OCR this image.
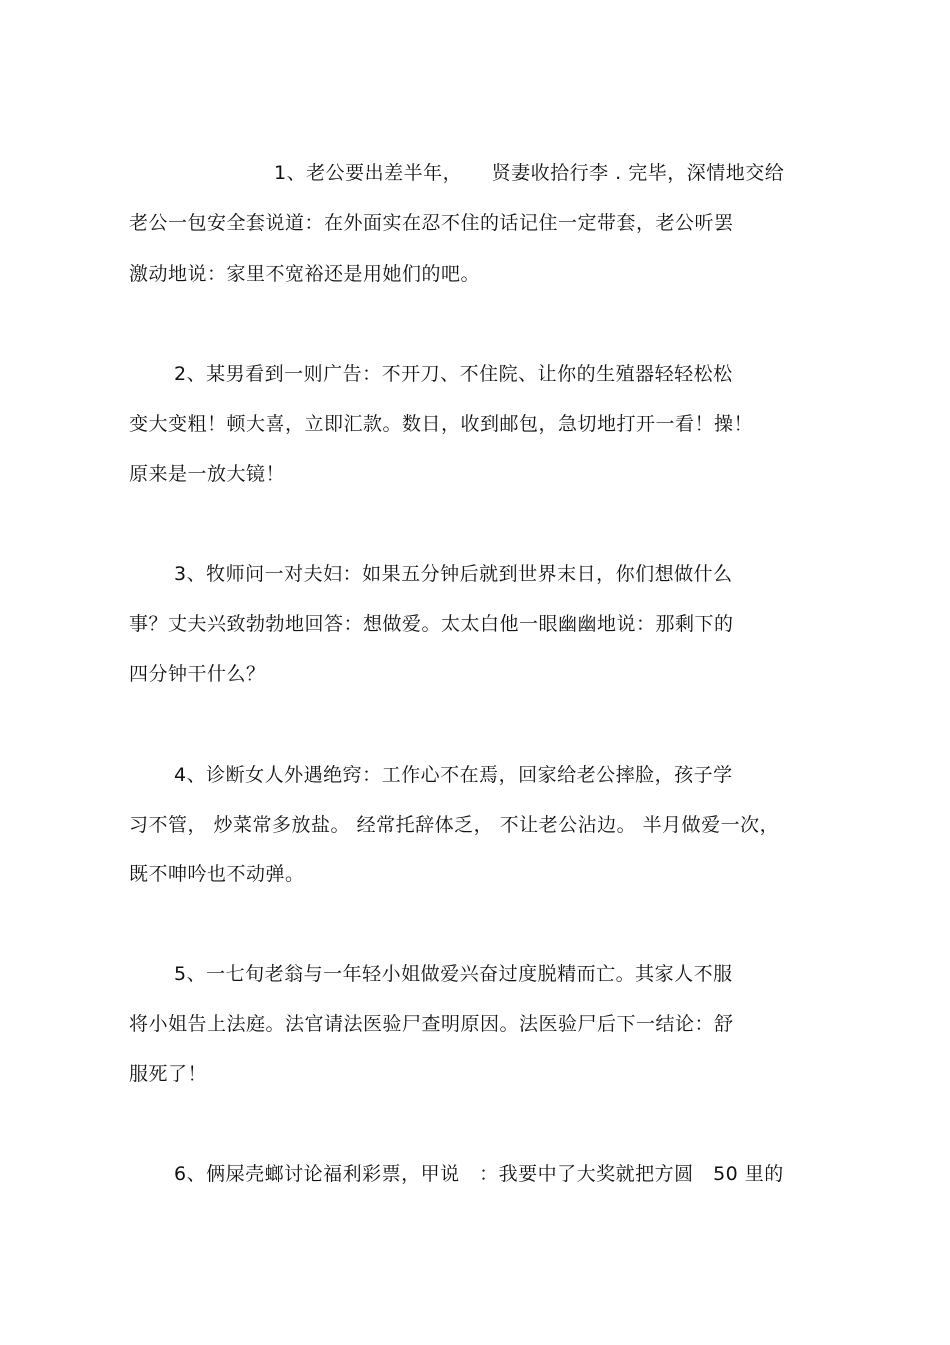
1、老公要出差半年，　　贤妻收拾行李 . 完毕，深情地交给
老公一包安全套说道：在外面实在忍不住的话记住一定带套，老公听罢
激动地说：家里不宽裕还是用她们的吧。
2、某男看到一则广告：不开刀、不住院、让你的生殖器轻轻松松
变大变粗！顿大喜，立即汇款。数日，收到邮包，急切地打开一看！操！
原来是一放大镜！
3、牧师问一对夫妇：如果五分钟后就到世界末日，你们想做什么
事？丈夫兴致勃勃地回答：想做爱。太太白他一眼幽幽地说：那剩下的
四分钟干什么？
4、诊断女人外遇绝窍：工作心不在焉，回家给老公摔脸，孩子学
习不管， 炒菜常多放盐。 经常托辞体乏， 不让老公沾边。 半月做爱一次，
既不呻吟也不动弹。
5、一七旬老翁与一年轻小姐做爱兴奋过度脱精而亡。其家人不服
将小姐告上法庭。法官请法医验尸查明原因。法医验尸后下一结论：舒
服死了！
6、俩屎壳螂讨论福利彩票，甲说　：我要中了大奖就把方圆　50 里的
